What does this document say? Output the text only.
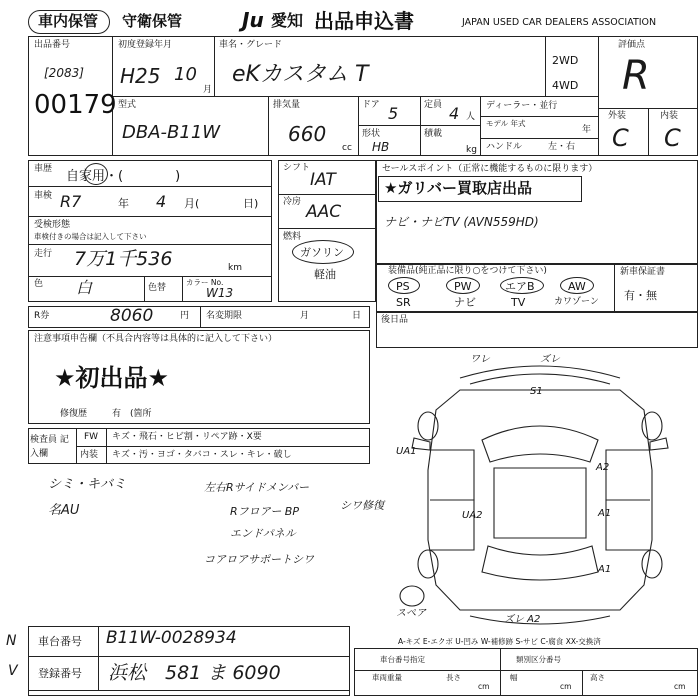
車内保管 守衛保管	Ju 愛知 出品申込書	JAPAN USED CAR DEALERS ASSOCIATION
出品番号
[2083]
00179
初度登録年月
H25 10
月
車名・グレード
eKカスタム T
2WD
4WD
評価点
R
外装	内装
C C
型式
DBA-B11W
排気量
660
cc
ドア 5	定員 4 人
形状
HB
積載
kg
ディーラー・並行
モデル 年式
年
ハンドル	左・右
車歴 自家用・(　　　　)
車検 R7	年 4 月(	日)
受検形態
車検付きの場合は記入して下さい
走行 7万1千536	km
色 白	色替
カラー No.
W13
シフト
IAT
冷房 AAC
燃料
ガソリン
軽油
セールスポイント（正常に機能するものに限ります）
★ガリバー買取店出品
ナビ・ナビTV (AVN559HD)
装備品(純正品に限り○をつけて下さい)
PS	PW	エアB	AW
SR	ナビ	TV	カワゾーン
新車保証書
有・無
R券	8060	円 名変期限	月	日 後日品
注意事項申告欄（不具合内容等は具体的に記入して下さい）
★初出品★
修復歴	有　(箇所
検査員 記入欄
FW キズ・飛石・ヒビ割・リペア跡・X要
内装 キズ・汚・ヨゴ・タバコ・スレ・キレ・破し
シミ・キバミ
名AU
左右Rサイドメンバー
Rフロアー BP
エンドパネル
コアロアサポートシワ
シワ修復
ワレ	ズレ
S1
UA1
A2
UA2	A1
A1
スペア
ズレ A2
A-キズ E-エクボ U-凹み W-補修跡 S-サビ C-腐食 XX-交換済
車台番号 B11W-0028934
登録番号 浜松　581 ま 6090
車台番号指定	類別区分番号
車両重量
cm
幅
cm
高さ
cm
長さ
N
V
